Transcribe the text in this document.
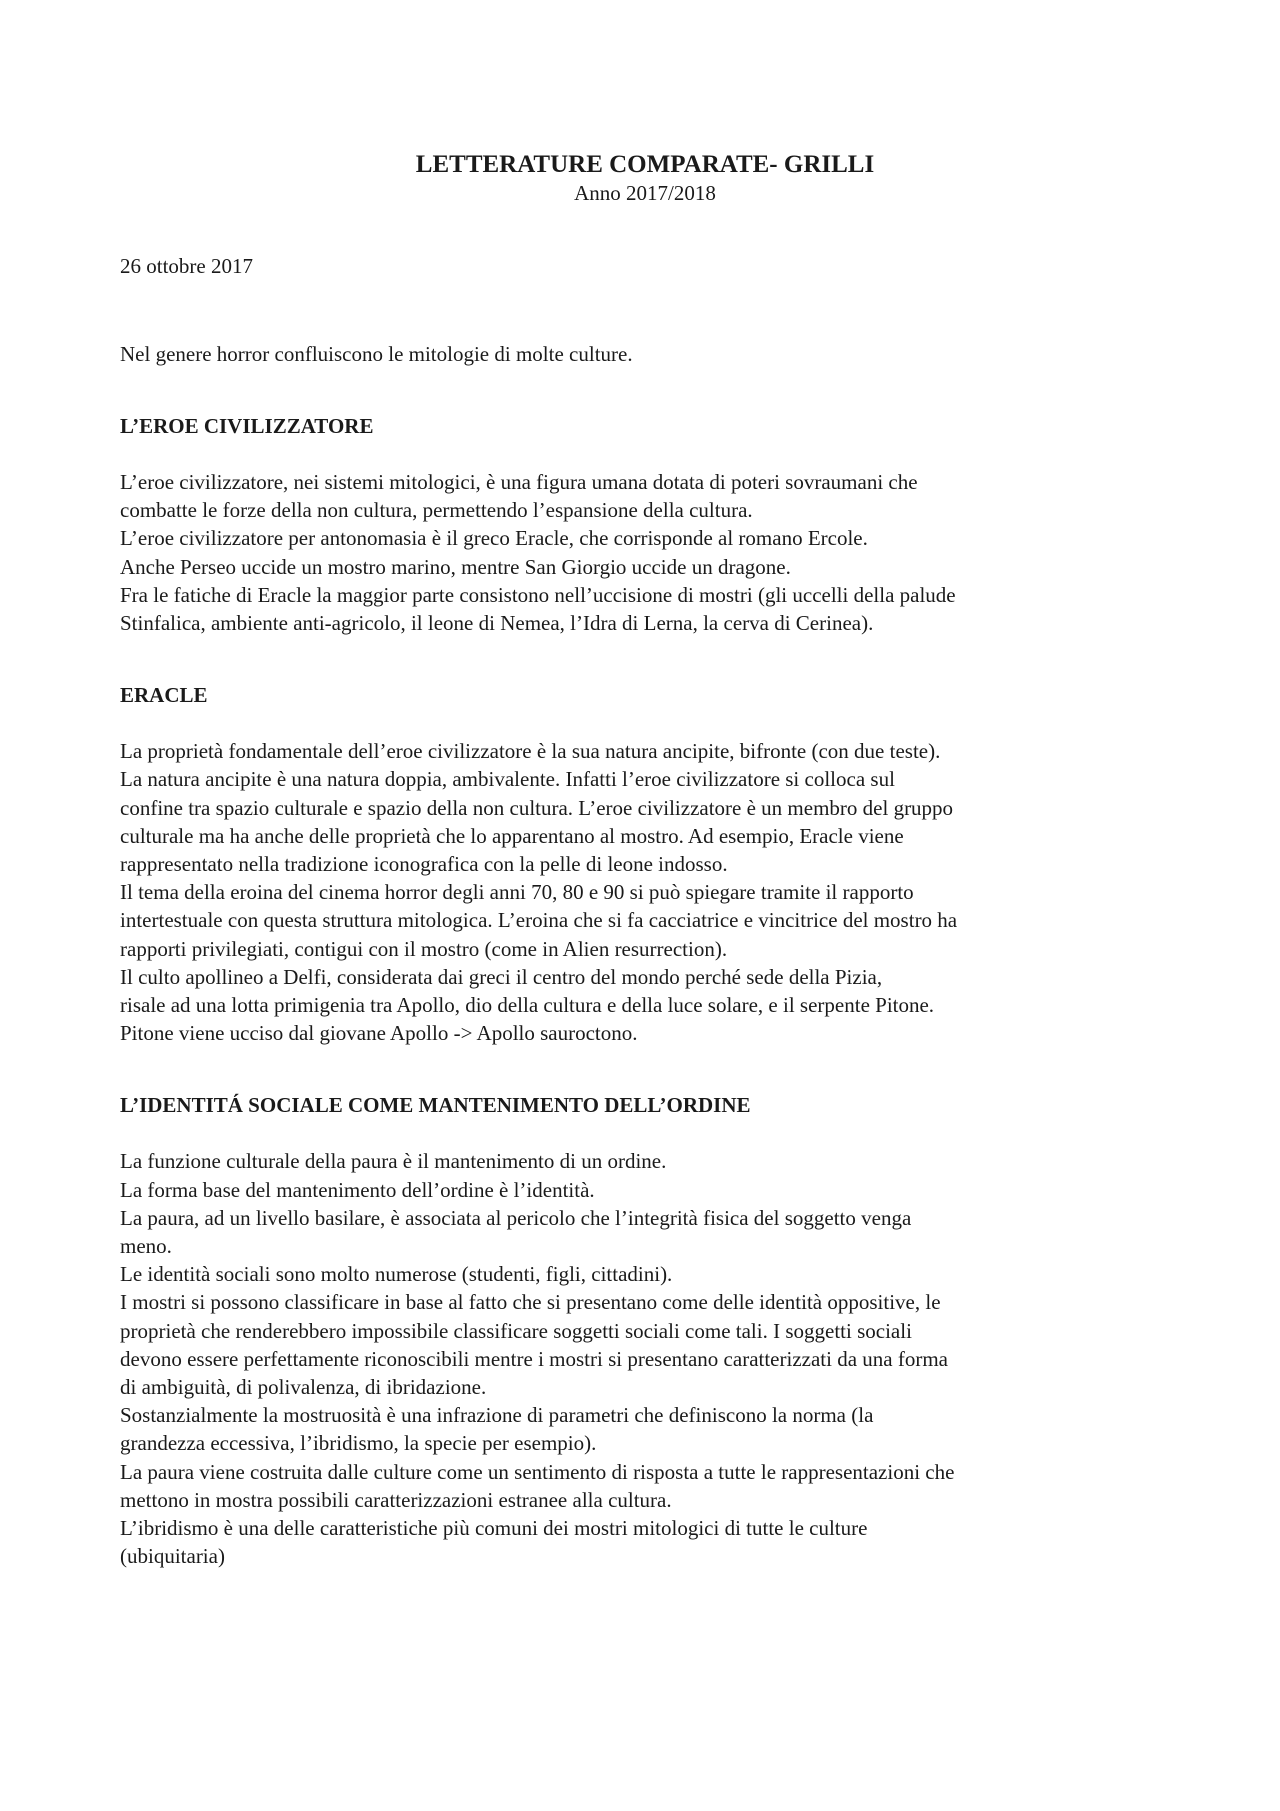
LETTERATURE COMPARATE- GRILLI

Anno 2017/2018

26 ottobre 2017

Nel genere horror confluiscono le mitologie di molte culture.

L’EROE CIVILIZZATORE

L’eroe civilizzatore, nei sistemi mitologici, è una figura umana dotata di poteri sovraumani che

combatte le forze della non cultura, permettendo l’espansione della cultura.

L’eroe civilizzatore per antonomasia è il greco Eracle, che corrisponde al romano Ercole.

Anche Perseo uccide un mostro marino, mentre San Giorgio uccide un dragone.

Fra le fatiche di Eracle la maggior parte consistono nell’uccisione di mostri (gli uccelli della palude

Stinfalica, ambiente anti-agricolo, il leone di Nemea, l’Idra di Lerna, la cerva di Cerinea).

ERACLE

La proprietà fondamentale dell’eroe civilizzatore è la sua natura ancipite, bifronte (con due teste).

La natura ancipite è una natura doppia, ambivalente. Infatti l’eroe civilizzatore si colloca sul

confine tra spazio culturale e spazio della non cultura. L’eroe civilizzatore è un membro del gruppo

culturale ma ha anche delle proprietà che lo apparentano al mostro. Ad esempio, Eracle viene

rappresentato nella tradizione iconografica con la pelle di leone indosso.

Il tema della eroina del cinema horror degli anni 70, 80 e 90 si può spiegare tramite il rapporto

intertestuale con questa struttura mitologica. L’eroina che si fa cacciatrice e vincitrice del mostro ha

rapporti privilegiati, contigui con il mostro (come in Alien resurrection).

Il culto apollineo a Delfi, considerata dai greci il centro del mondo perché sede della Pizia,

risale ad una lotta primigenia tra Apollo, dio della cultura e della luce solare, e il serpente Pitone.

Pitone viene ucciso dal giovane Apollo -> Apollo sauroctono.

L’IDENTITÁ SOCIALE COME MANTENIMENTO DELL’ORDINE

La funzione culturale della paura è il mantenimento di un ordine.

La forma base del mantenimento dell’ordine è l’identità.

La paura, ad un livello basilare, è associata al pericolo che l’integrità fisica del soggetto venga

meno.

Le identità sociali sono molto numerose (studenti, figli, cittadini).

I mostri si possono classificare in base al fatto che si presentano come delle identità oppositive, le

proprietà che renderebbero impossibile classificare soggetti sociali come tali. I soggetti sociali

devono essere perfettamente riconoscibili mentre i mostri si presentano caratterizzati da una forma

di ambiguità, di polivalenza, di ibridazione.

Sostanzialmente la mostruosità è una infrazione di parametri che definiscono la norma (la

grandezza eccessiva, l’ibridismo, la specie per esempio).

La paura viene costruita dalle culture come un sentimento di risposta a tutte le rappresentazioni che

mettono in mostra possibili caratterizzazioni estranee alla cultura.

L’ibridismo è una delle caratteristiche più comuni dei mostri mitologici di tutte le culture

(ubiquitaria)
